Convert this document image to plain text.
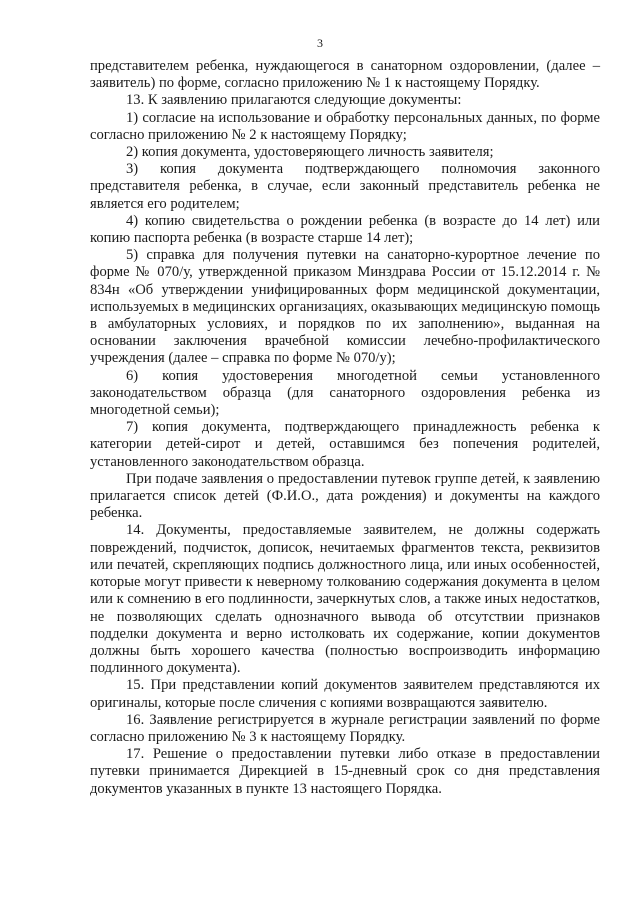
3

представителем ребенка, нуждающегося в санаторном оздоровлении, (далее – заявитель) по форме, согласно приложению № 1 к настоящему Порядку.

13. К заявлению прилагаются следующие документы:

1) согласие на использование и обработку персональных данных, по форме согласно приложению № 2 к настоящему Порядку;

2) копия документа, удостоверяющего личность заявителя;

3) копия документа подтверждающего полномочия законного представителя ребенка, в случае, если законный представитель ребенка не является его родителем;

4) копию свидетельства о рождении ребенка (в возрасте до 14 лет) или копию паспорта ребенка (в возрасте старше 14 лет);

5) справка для получения путевки на санаторно-курортное лечение по форме № 070/у, утвержденной приказом Минздрава России от 15.12.2014 г. № 834н «Об утверждении унифицированных форм медицинской документации, используемых в медицинских организациях, оказывающих медицинскую помощь в амбулаторных условиях, и порядков по их заполнению», выданная на основании заключения врачебной комиссии лечебно-профилактического учреждения (далее – справка по форме № 070/у);

6) копия удостоверения многодетной семьи установленного законодательством образца (для санаторного оздоровления ребенка из многодетной семьи);

7) копия документа, подтверждающего принадлежность ребенка к категории детей-сирот и детей, оставшимся без попечения родителей, установленного законодательством образца.

При подаче заявления о предоставлении путевок группе детей, к заявлению прилагается список детей (Ф.И.О., дата рождения) и документы на каждого ребенка.

14. Документы, предоставляемые заявителем, не должны содержать повреждений, подчисток, дописок, нечитаемых фрагментов текста, реквизитов или печатей, скрепляющих подпись должностного лица, или иных особенностей, которые могут привести к неверному толкованию содержания документа в целом или к сомнению в его подлинности, зачеркнутых слов, а также иных недостатков, не позволяющих сделать однозначного вывода об отсутствии признаков подделки документа и верно истолковать их содержание, копии документов должны быть хорошего качества (полностью воспроизводить информацию подлинного документа).

15. При представлении копий документов заявителем представляются их оригиналы, которые после сличения с копиями возвращаются заявителю.

16. Заявление регистрируется в журнале регистрации заявлений по форме согласно приложению № 3 к настоящему Порядку.

17. Решение о предоставлении путевки либо отказе в предоставлении путевки принимается Дирекцией в 15-дневный срок со дня представления документов указанных в пункте 13 настоящего Порядка.
